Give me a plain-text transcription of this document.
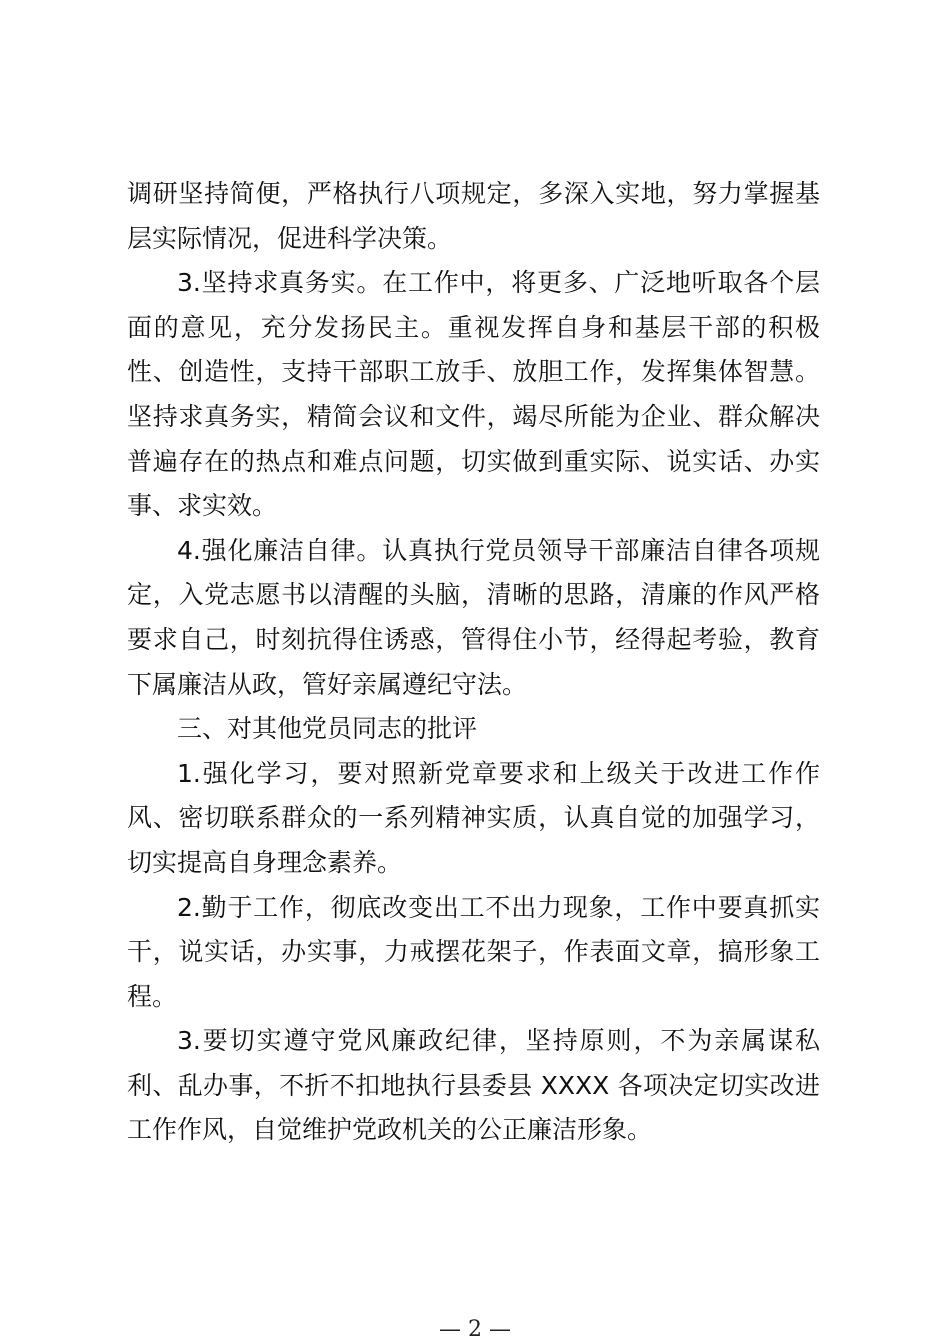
调研坚持简便，严格执行八项规定，多深入实地，努力掌握基
层实际情况，促进科学决策。
3.坚持求真务实。在工作中，将更多、广泛地听取各个层
面的意见，充分发扬民主。重视发挥自身和基层干部的积极
性、创造性，支持干部职工放手、放胆工作，发挥集体智慧。
坚持求真务实，精简会议和文件，竭尽所能为企业、群众解决
普遍存在的热点和难点问题，切实做到重实际、说实话、办实
事、求实效。
4.强化廉洁自律。认真执行党员领导干部廉洁自律各项规
定，入党志愿书以清醒的头脑，清晰的思路，清廉的作风严格
要求自己，时刻抗得住诱惑，管得住小节，经得起考验，教育
下属廉洁从政，管好亲属遵纪守法。
三、对其他党员同志的批评
1.强化学习，要对照新党章要求和上级关于改进工作作
风、密切联系群众的一系列精神实质，认真自觉的加强学习，
切实提高自身理念素养。
2.勤于工作，彻底改变出工不出力现象，工作中要真抓实
干，说实话，办实事，力戒摆花架子，作表面文章，搞形象工
程。
3.要切实遵守党风廉政纪律，坚持原则，不为亲属谋私
利、乱办事，不折不扣地执行县委县 XXXX 各项决定切实改进
工作作风，自觉维护党政机关的公正廉洁形象。
— 2 —
